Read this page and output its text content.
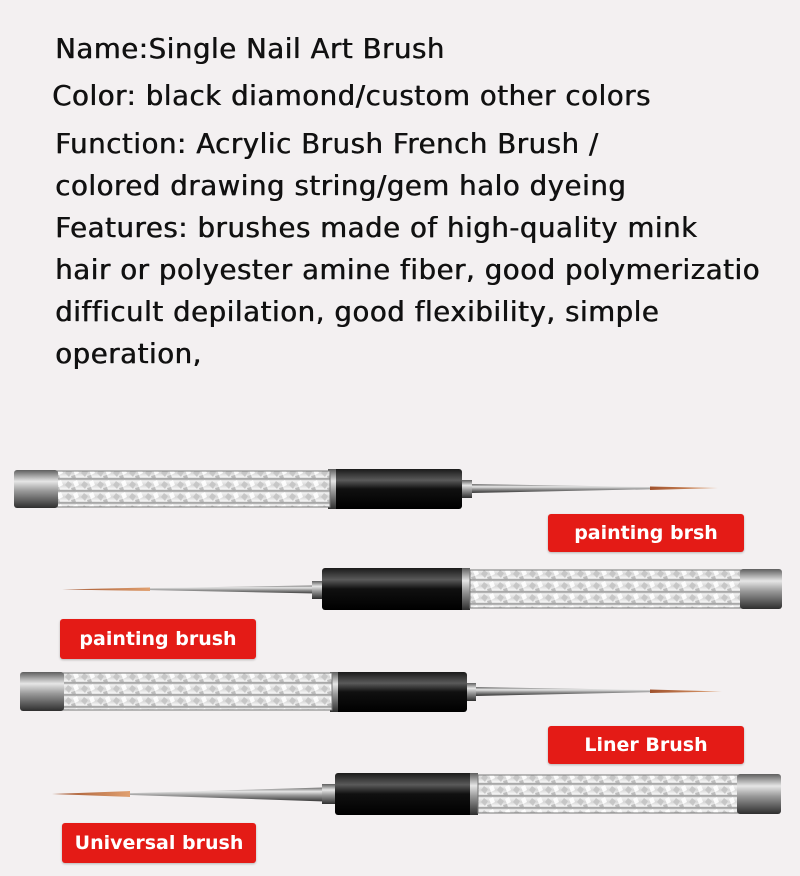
Name:Single Nail Art Brush
Color: black diamond/custom other colors
Function: Acrylic Brush French Brush /
colored drawing string/gem halo dyeing
Features: brushes made of high-quality mink
hair or polyester amine fiber, good polymerizatio
difficult depilation, good flexibility, simple
operation,
painting brsh
painting brush
Liner Brush
Universal brush
